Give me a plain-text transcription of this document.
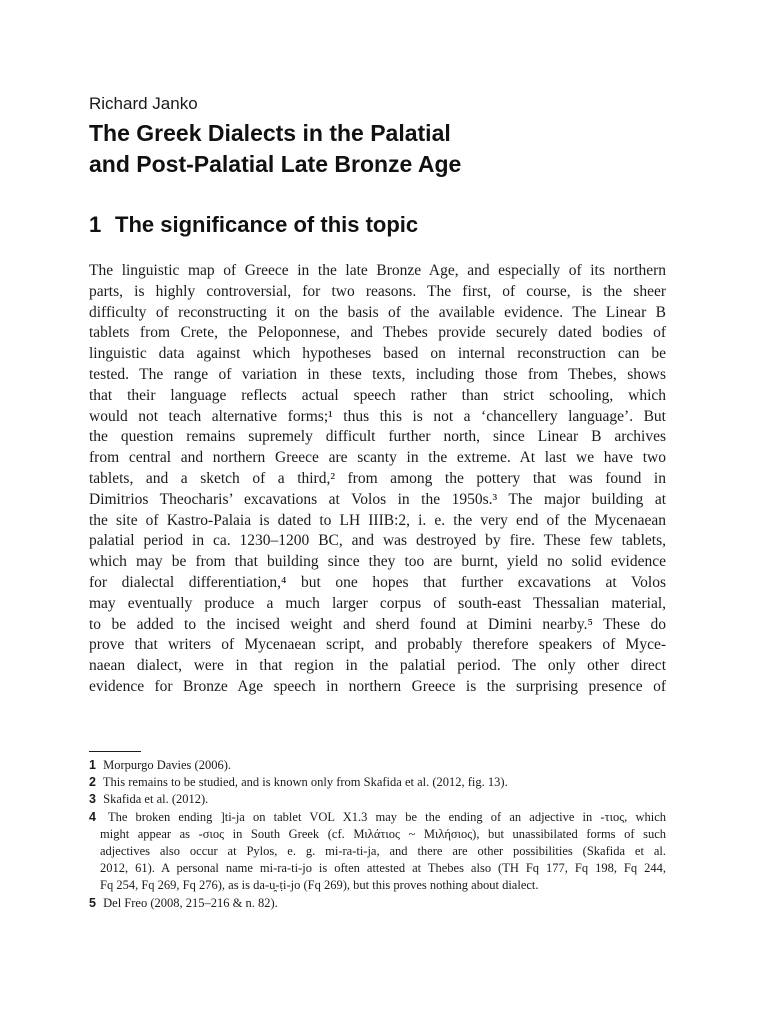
Richard Janko
The Greek Dialects in the Palatial
and Post-Palatial Late Bronze Age
1 The significance of this topic
The linguistic map of Greece in the late Bronze Age, and especially of its northern
parts, is highly controversial, for two reasons. The first, of course, is the sheer
difficulty of reconstructing it on the basis of the available evidence. The Linear B
tablets from Crete, the Peloponnese, and Thebes provide securely dated bodies of
linguistic data against which hypotheses based on internal reconstruction can be
tested. The range of variation in these texts, including those from Thebes, shows
that their language reflects actual speech rather than strict schooling, which
would not teach alternative forms;¹ thus this is not a ‘chancellery language’. But
the question remains supremely difficult further north, since Linear B archives
from central and northern Greece are scanty in the extreme. At last we have two
tablets, and a sketch of a third,² from among the pottery that was found in
Dimitrios Theocharis’ excavations at Volos in the 1950s.³ The major building at
the site of Kastro-Palaia is dated to LH IIIB:2, i. e. the very end of the Mycenaean
palatial period in ca. 1230–1200 BC, and was destroyed by fire. These few tablets,
which may be from that building since they too are burnt, yield no solid evidence
for dialectal differentiation,⁴ but one hopes that further excavations at Volos
may eventually produce a much larger corpus of south-east Thessalian material,
to be added to the incised weight and sherd found at Dimini nearby.⁵ These do
prove that writers of Mycenaean script, and probably therefore speakers of Myce-
naean dialect, were in that region in the palatial period. The only other direct
evidence for Bronze Age speech in northern Greece is the surprising presence of
1 Morpurgo Davies (2006).
2 This remains to be studied, and is known only from Skafida et al. (2012, fig. 13).
3 Skafida et al. (2012).
4 The broken ending ]ti-ja on tablet VOL X1.3 may be the ending of an adjective in -τιος, which
might appear as -σιος in South Greek (cf. Μιλάτιος ~ Μιλήσιος), but unassibilated forms of such
adjectives also occur at Pylos, e. g. mi-ra-ti-ja, and there are other possibilities (Skafida et al.
2012, 61). A personal name mi-ra-ti-jo is often attested at Thebes also (TH Fq 177, Fq 198, Fq 244,
Fq 254, Fq 269, Fq 276), as is da-u̯-ṭi-jo (Fq 269), but this proves nothing about dialect.
5 Del Freo (2008, 215–216 & n. 82).
